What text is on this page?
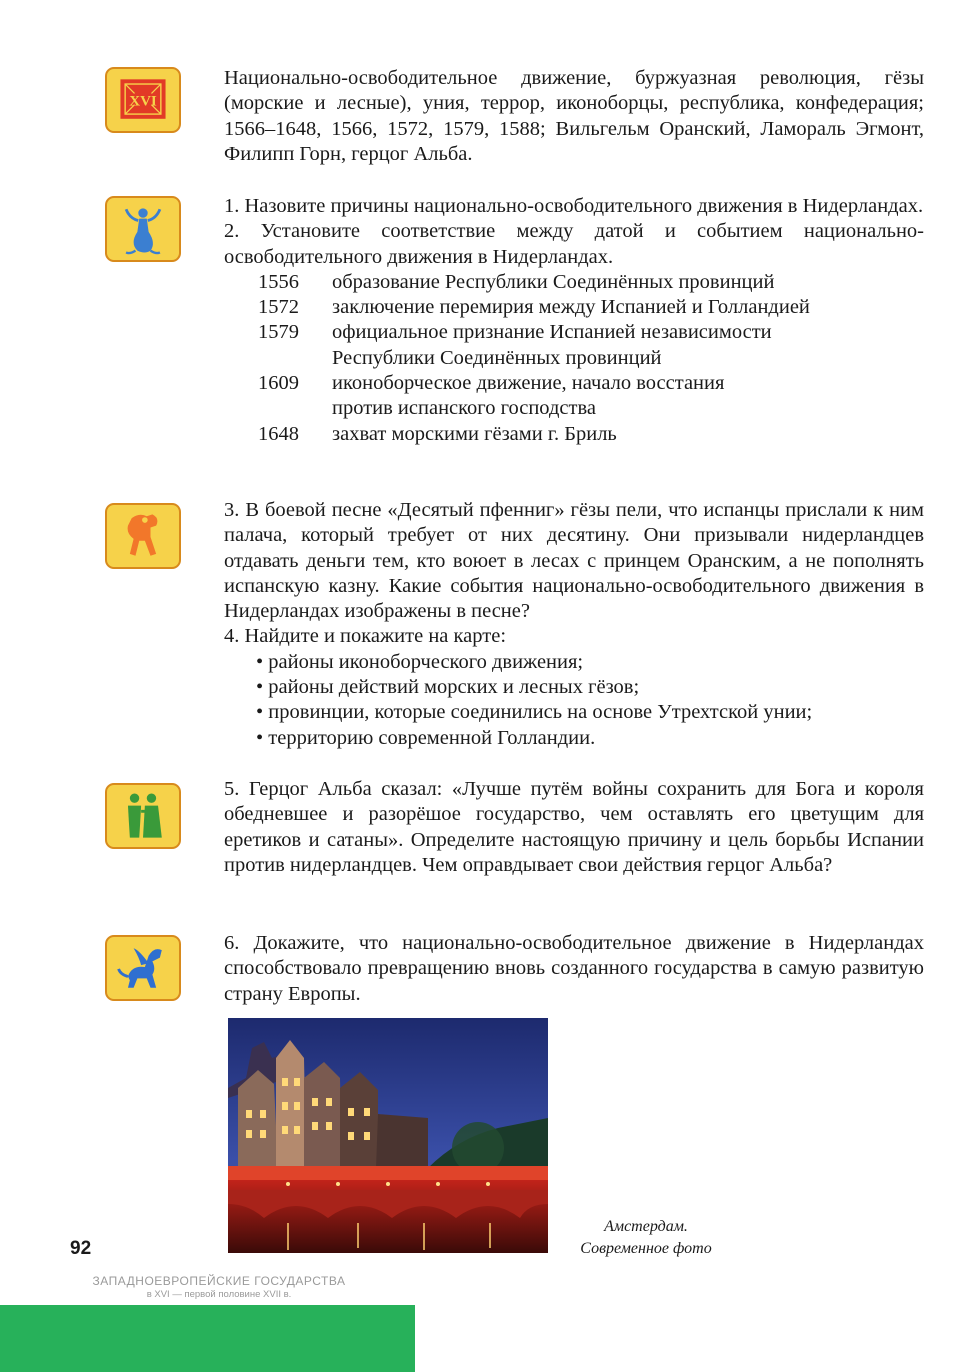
XVI

Национально-освободительное движение, буржуазная революция, гёзы (морские и лесные), уния, террор, иконоборцы, республика, конфедерация; 1566–1648, 1566, 1572, 1579, 1588; Вильгельм Оранский, Ламораль Эгмонт, Филипп Горн, герцог Альба.

1. Назовите причины национально-освободительного движения в Нидерландах.

2. Установите соответствие между датой и событием национально-освободительного движения в Нидерландах.

1556	образование Республики Соединённых провинций
1572	заключение перемирия между Испанией и Голландией
1579	официальное признание Испанией независимости Республики Соединённых провинций
1609	иконоборческое движение, начало восстания против испанского господства
1648	захват морскими гёзами г. Бриль

3. В боевой песне «Десятый пфенниг» гёзы пели, что испанцы прислали к ним палача, который требует от них десятину. Они призывали нидерландцев отдавать деньги тем, кто воюет в лесах с принцем Оранским, а не пополнять испанскую казну. Какие события национально-освободительного движения в Нидерландах изображены в песне?

4. Найдите и покажите на карте:

• районы иконоборческого движения;
• районы действий морских и лесных гёзов;
• провинции, которые соединились на основе Утрехтской унии;
• территорию современной Голландии.

5. Герцог Альба сказал: «Лучше путём войны сохранить для Бога и короля обедневшее и разорёшое государство, чем оставлять его цветущим для еретиков и сатаны». Определите настоящую причину и цель борьбы Испании против нидерландцев. Чем оправдывает свои действия герцог Альба?

6. Докажите, что национально-освободительное движение в Нидерландах способствовало превращению вновь созданного государства в самую развитую страну Европы.

Амстердам.
Современное фото
92
ЗАПАДНОЕВРОПЕЙСКИЕ ГОСУДАРСТВА
в XVI — первой половине XVII в.
